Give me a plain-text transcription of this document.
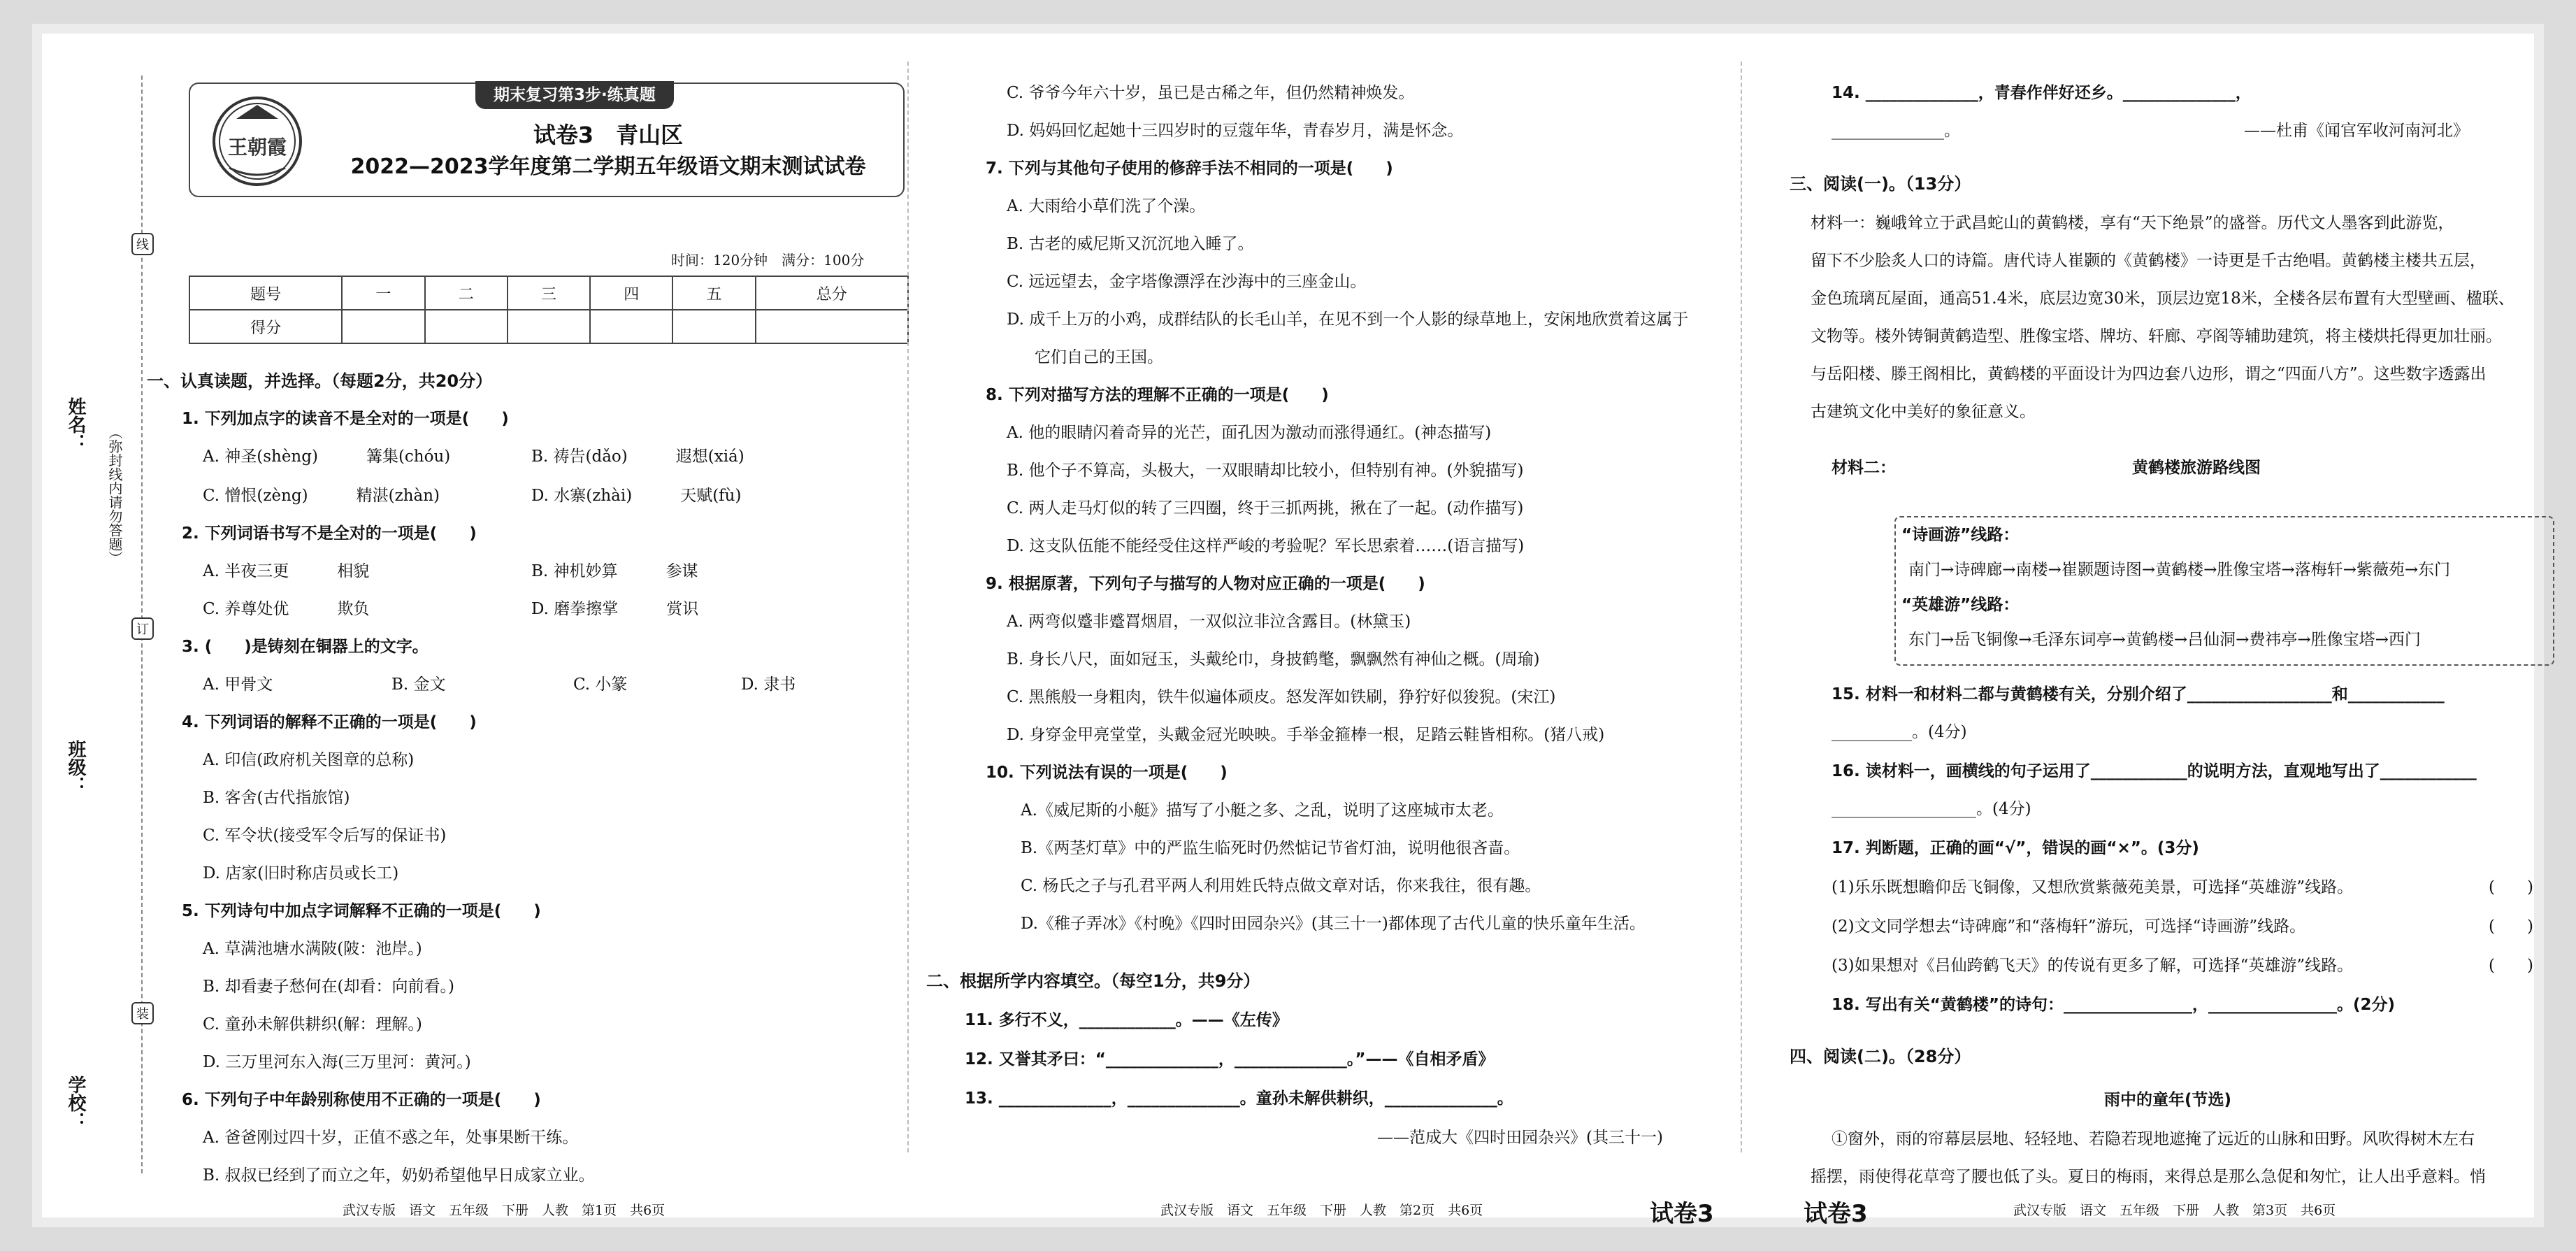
姓名：
班级：
学校：
（弥封线内请勿答题）
线
订
装
期末复习第3步·练真题
王朝霞	试卷3　青山区
2022—2023学年度第二学期五年级语文期末测试试卷
时间：120分钟　满分：100分
题号	一	二	三	四	五	总分
得分						
一、认真读题，并选择。（每题2分，共20分）
1. 下列加点字的读音不是全对的一项是(　　)
A. 神圣(shèng)　　　篝集(chóu)	B. 祷告(dǎo)　　　遐想(xiá)
C. 憎恨(zèng)　　　精湛(zhàn)	D. 水寨(zhài)　　　天赋(fù)
2. 下列词语书写不是全对的一项是(　　)
A. 半夜三更　　　相貌	B. 神机妙算　　　参谋
C. 养尊处优　　　欺负	D. 磨拳擦掌　　　赏识
3. (　　)是铸刻在铜器上的文字。
A. 甲骨文	B. 金文	C. 小篆	D. 隶书
4. 下列词语的解释不正确的一项是(　　)
A. 印信(政府机关图章的总称)
B. 客舍(古代指旅馆)
C. 军令状(接受军令后写的保证书)
D. 店家(旧时称店员或长工)
5. 下列诗句中加点字词解释不正确的一项是(　　)
A. 草满池塘水满陂(陂：池岸。)
B. 却看妻子愁何在(却看：向前看。)
C. 童孙未解供耕织(解：理解。)
D. 三万里河东入海(三万里河：黄河。)
6. 下列句子中年龄别称使用不正确的一项是(　　)
A. 爸爸刚过四十岁，正值不惑之年，处事果断干练。
B. 叔叔已经到了而立之年，奶奶希望他早日成家立业。
武汉专版　语文　五年级　下册　人教　第1页　共6页
C. 爷爷今年六十岁，虽已是古稀之年，但仍然精神焕发。
D. 妈妈回忆起她十三四岁时的豆蔻年华，青春岁月，满是怀念。
7. 下列与其他句子使用的修辞手法不相同的一项是(　　)
A. 大雨给小草们洗了个澡。
B. 古老的威尼斯又沉沉地入睡了。
C. 远远望去，金字塔像漂浮在沙海中的三座金山。
D. 成千上万的小鸡，成群结队的长毛山羊，在见不到一个人影的绿草地上，安闲地欣赏着这属于
它们自己的王国。
8. 下列对描写方法的理解不正确的一项是(　　)
A. 他的眼睛闪着奇异的光芒，面孔因为激动而涨得通红。(神态描写)
B. 他个子不算高，头极大，一双眼睛却比较小，但特别有神。(外貌描写)
C. 两人走马灯似的转了三四圈，终于三抓两挑，揪在了一起。(动作描写)
D. 这支队伍能不能经受住这样严峻的考验呢？军长思索着……(语言描写)
9. 根据原著，下列句子与描写的人物对应正确的一项是(　　)
A. 两弯似蹙非蹙罥烟眉，一双似泣非泣含露目。(林黛玉)
B. 身长八尺，面如冠玉，头戴纶巾，身披鹤氅，飘飘然有神仙之概。(周瑜)
C. 黑熊般一身粗肉，铁牛似遍体顽皮。怒发浑如铁刷，狰狞好似狻猊。(宋江)
D. 身穿金甲亮堂堂，头戴金冠光映映。手举金箍棒一根，足踏云鞋皆相称。(猪八戒)
10. 下列说法有误的一项是(　　)
A.《威尼斯的小艇》描写了小艇之多、之乱，说明了这座城市太老。
B.《两茎灯草》中的严监生临死时仍然惦记节省灯油，说明他很吝啬。
C. 杨氏之子与孔君平两人利用姓氏特点做文章对话，你来我往，很有趣。
D.《稚子弄冰》《村晚》《四时田园杂兴》(其三十一)都体现了古代儿童的快乐童年生活。
二、根据所学内容填空。（每空1分，共9分）
11. 多行不义，____________。——《左传》
12. 又誉其矛曰：“______________，______________。”——《自相矛盾》
13. ______________，______________。童孙未解供耕织，______________。
——范成大《四时田园杂兴》(其三十一)
武汉专版　语文　五年级　下册　人教　第2页　共6页	试卷3
14. ______________，青春作伴好还乡。______________，
______________。	——杜甫《闻官军收河南河北》
三、阅读(一)。（13分）
材料一：巍峨耸立于武昌蛇山的黄鹤楼，享有“天下绝景”的盛誉。历代文人墨客到此游览，
留下不少脍炙人口的诗篇。唐代诗人崔颢的《黄鹤楼》一诗更是千古绝唱。黄鹤楼主楼共五层，
金色琉璃瓦屋面，通高51.4米，底层边宽30米，顶层边宽18米，全楼各层布置有大型壁画、楹联、
文物等。楼外铸铜黄鹤造型、胜像宝塔、牌坊、轩廊、亭阁等辅助建筑，将主楼烘托得更加壮丽。
与岳阳楼、滕王阁相比，黄鹤楼的平面设计为四边套八边形，谓之“四面八方”。这些数字透露出
古建筑文化中美好的象征意义。
材料二：	黄鹤楼旅游路线图
“诗画游”线路：
南门→诗碑廊→南楼→崔颢题诗图→黄鹤楼→胜像宝塔→落梅轩→紫薇苑→东门
“英雄游”线路：
东门→岳飞铜像→毛泽东词亭→黄鹤楼→吕仙洞→费祎亭→胜像宝塔→西门
15. 材料一和材料二都与黄鹤楼有关，分别介绍了__________________和____________
__________。(4分)
16. 读材料一，画横线的句子运用了____________的说明方法，直观地写出了____________
__________________。(4分)
17. 判断题，正确的画“√”，错误的画“×”。(3分)
(1)乐乐既想瞻仰岳飞铜像，又想欣赏紫薇苑美景，可选择“英雄游”线路。	(　　)
(2)文文同学想去“诗碑廊”和“落梅轩”游玩，可选择“诗画游”线路。	(　　)
(3)如果想对《吕仙跨鹤飞天》的传说有更多了解，可选择“英雄游”线路。	(　　)
18. 写出有关“黄鹤楼”的诗句：________________，________________。(2分)
四、阅读(二)。（28分）
雨中的童年(节选)
①窗外，雨的帘幕层层地、轻轻地、若隐若现地遮掩了远近的山脉和田野。风吹得树木左右
摇摆，雨使得花草弯了腰也低了头。夏日的梅雨，来得总是那么急促和匆忙，让人出乎意料。悄
试卷3	武汉专版　语文　五年级　下册　人教　第3页　共6页
